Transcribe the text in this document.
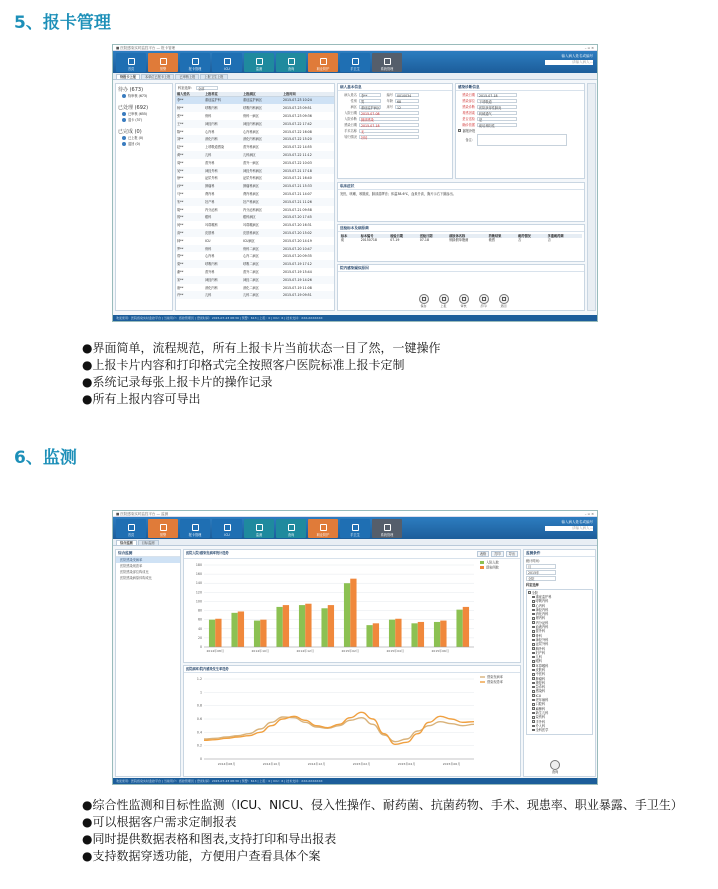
5、报卡管理
■ 医院感染实时监控平台 — 报卡管理	– ▫ ×
首页	预警	报卡管理	ICU	监测	查询	职业防护	手卫生	系统管理
输入病人姓名或编号
请输入病人...
待报卡上报	本单位已报卡上报	已审核上报	上报卫生上报
待办 (673)
待审核 (673)
已处理 (692)
已审核 (655)
退卡 (37)
已完成 (0)
已上报 (0)
退回 (0)
科室选择：	全部
病人姓名	上报科室	上报病区	上报时间
李**	重症监护科	重症监护病区	2015-07-23 10:24
杨**	呼吸内科	呼吸内科病区	2015-07-23 09:51
张**	骨科	骨科一病区	2015-07-23 09:36
王**	神经内科	神经内科病区	2015-07-22 17:42
陈**	心内科	心内科病区	2015-07-22 16:08
刘**	消化内科	消化内科病区	2015-07-22 15:20
赵**	上呼吸道感染	普外科病区	2015-07-22 14:55
黄**	儿科	儿科病区	2015-07-22 11:12
周**	普外科	普外一病区	2015-07-22 10:03
吴**	神经外科	神经外科病区	2015-07-21 17:18
徐**	泌尿外科	泌尿外科病区	2015-07-21 16:40
孙**	肿瘤科	肿瘤科病区	2015-07-21 15:33
马**	肾内科	肾内科病区	2015-07-21 14:07
朱**	妇产科	妇产科病区	2015-07-21 11:26
胡**	内分泌科	内分泌科病区	2015-07-21 09:58
郭**	眼科	眼科病区	2015-07-20 17:45
何**	耳鼻喉科	耳鼻喉病区	2015-07-20 16:31
高**	皮肤科	皮肤科病区	2015-07-20 15:02
林**	ICU	ICU病区	2015-07-20 14:19
罗**	骨科	骨科二病区	2015-07-20 10:47
郑**	心内科	心内二病区	2015-07-20 09:35
梁**	呼吸内科	呼吸二病区	2015-07-19 17:12
谢**	普外科	普外二病区	2015-07-19 15:44
宋**	神经内科	神经二病区	2015-07-19 14:26
唐**	消化内科	消化二病区	2015-07-19 11:08
许**	儿科	儿科二病区	2015-07-19 09:51
病人基本信息
病人姓名	李**	编号	0010034
性别	男	年龄	68
病区	重症监护病区	床号	12
入院日期	2015-07-08
入院诊断	肺部感染
感染日期	2015-07-18
手术名称	无
转归情况	好转
感染诊断信息
感染日期	2015-07-18
感染部位	下呼吸道
感染诊断	医院获得性肺炎
易感因素	机械通气
是否送检	是
确诊依据	痰培养阳性
漏报补报
备注：
临床症状
发热，咳嗽，咳脓痰，肺部湿啰音；体温38.6℃，血象升高，胸片示右下肺渗出。
送检标本及病原菌
标本	标本编号	检验日期	送检日期	病原体名称	药敏结果	耐药情况	多重耐药菌
痰	20150718	07-19	07-18	铜绿假单胞菌	敏感	否	否
院内感染疑似原因
保存	上报	审核	打印	退回
欢迎使用：医院感染实时监控平台 | 当前用户：感控管理员 | 登录时间：2015-07-23 08:30 | 预警：613 | 上报：0 | ICU：6 | 技术支持：XXX-XXXXXXX
●界面简单，流程规范，所有上报卡片当前状态一目了然，一键操作
●上报卡片内容和打印格式完全按照客户医院标准上报卡定制
●系统记录每张上报卡片的操作记录
●所有上报内容可导出
6、监测
■ 医院感染实时监控平台 — 监测	– ▫ ×
首页	预警	报卡管理	ICU	监测	查询	职业防护	手卫生	系统管理
输入病人姓名或编号
请输入病人...
综合监测	目标监测
综合监测
医院感染发病率
医院感染现患率
医院感染部位构成比
医院感染病原体构成比
医院入院/感染发病率统计趋势	表格	打印	导出
0
20
40
60
80
100
120
140
160
180
2014年08月	2014年10月	2014年12月	2015年02月	2015年04月	2015年06月
入院人数
感染例数
医院病率/院内感染发生率趋势
0
0.2
0.4
0.6
0.8
1
1.2
2014年08月	2014年10月	2014年12月	2015年02月	2015年04月	2015年06月
感染发病率
感染现患率
监测条件
统计时间：
月
2015年
全院
科室选择
全院
重症监护科
呼吸内科
心内科
神经内科
消化内科
肾内科
内分泌科
血液内科
普外科
骨科
神经外科
泌尿外科
胸外科
妇产科
儿科
眼科
耳鼻喉科
皮肤科
中医科
肿瘤科
康复科
急诊科
感染科
ICU
老年病科
口腔科
麻醉科
新生儿科
烧伤科
手外科
介入科
全科医学
查询
欢迎使用：医院感染实时监控平台 | 当前用户：感控管理员 | 登录时间：2015-07-23 08:30 | 预警：613 | 上报：0 | ICU：6 | 技术支持：XXX-XXXXXXX
●综合性监测和目标性监测（ICU、NICU、侵入性操作、耐药菌、抗菌药物、手术、现患率、职业暴露、手卫生）
●可以根据客户需求定制报表
●同时提供数据表格和图表,支持打印和导出报表
●支持数据穿透功能，方便用户查看具体个案
